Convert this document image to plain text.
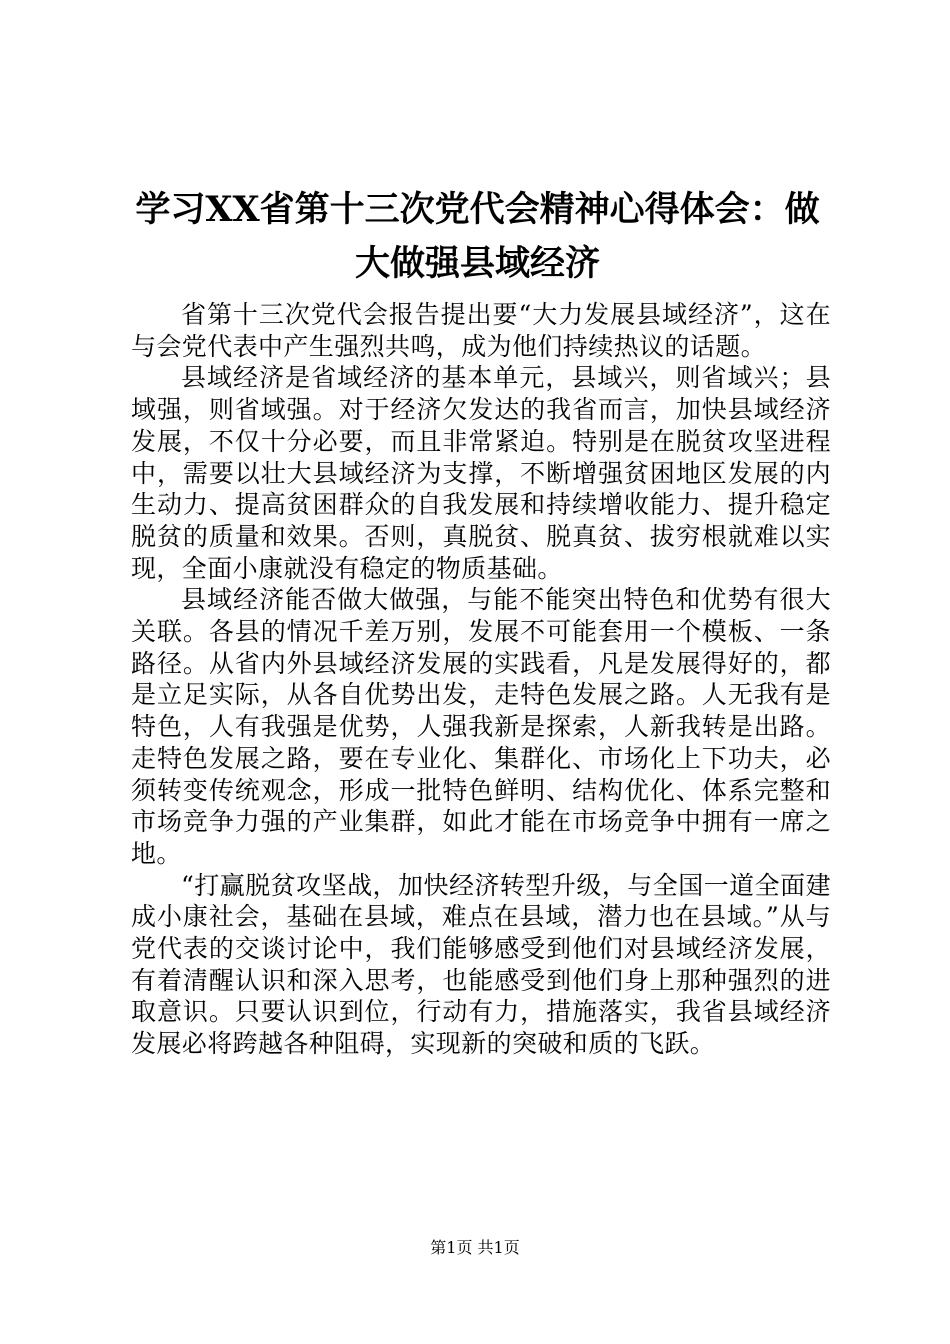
学习XX省第十三次党代会精神心得体会：做大做强县域经济

省第十三次党代会报告提出要“大力发展县域经济”，这在与会党代表中产生强烈共鸣，成为他们持续热议的话题。

县域经济是省域经济的基本单元，县域兴，则省域兴；县域强，则省域强。对于经济欠发达的我省而言，加快县域经济发展，不仅十分必要，而且非常紧迫。特别是在脱贫攻坚进程中，需要以壮大县域经济为支撑，不断增强贫困地区发展的内生动力、提高贫困群众的自我发展和持续增收能力、提升稳定脱贫的质量和效果。否则，真脱贫、脱真贫、拔穷根就难以实现，全面小康就没有稳定的物质基础。

县域经济能否做大做强，与能不能突出特色和优势有很大关联。各县的情况千差万别，发展不可能套用一个模板、一条路径。从省内外县域经济发展的实践看，凡是发展得好的，都是立足实际，从各自优势出发，走特色发展之路。人无我有是特色，人有我强是优势，人强我新是探索，人新我转是出路。走特色发展之路，要在专业化、集群化、市场化上下功夫，必须转变传统观念，形成一批特色鲜明、结构优化、体系完整和市场竞争力强的产业集群，如此才能在市场竞争中拥有一席之地。

“打赢脱贫攻坚战，加快经济转型升级，与全国一道全面建成小康社会，基础在县域，难点在县域，潜力也在县域。”从与党代表的交谈讨论中，我们能够感受到他们对县域经济发展，有着清醒认识和深入思考，也能感受到他们身上那种强烈的进取意识。只要认识到位，行动有力，措施落实，我省县域经济发展必将跨越各种阻碍，实现新的突破和质的飞跃。

第1页 共1页
